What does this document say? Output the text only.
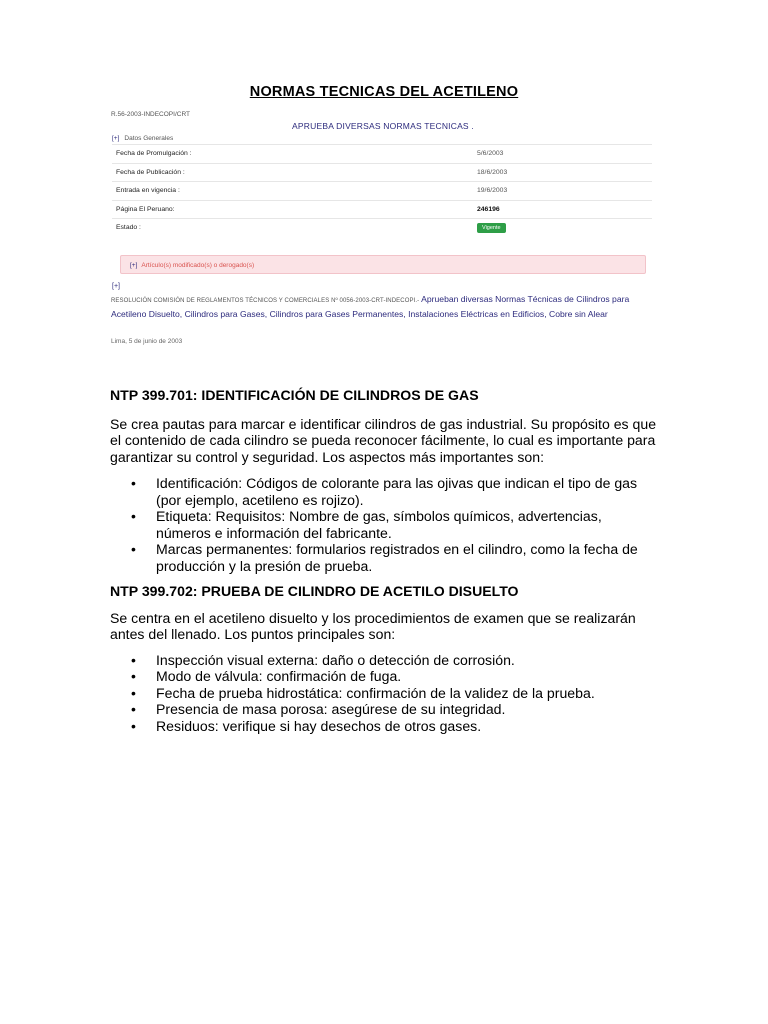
NORMAS TECNICAS DEL ACETILENO
R.56-2003-INDECOPI/CRT
APRUEBA DIVERSAS NORMAS TECNICAS .
[+] Datos Generales
Fecha de Promulgación :	5/6/2003
Fecha de Publicación :	18/6/2003
Entrada en vigencia :	19/6/2003
Página El Peruano:	246196
Estado :	Vigente
[+] Artículo(s) modificado(s) o derogado(s)
[+]
RESOLUCIÓN COMISIÓN DE REGLAMENTOS TÉCNICOS Y COMERCIALES Nº 0056-2003-CRT-INDECOPI.- Aprueban diversas Normas Técnicas de Cilindros para Acetileno Disuelto, Cilindros para Gases, Cilindros para Gases Permanentes, Instalaciones Eléctricas en Edificios, Cobre sin Alear
Lima, 5 de junio de 2003

NTP 399.701: IDENTIFICACIÓN DE CILINDROS DE GAS

Se crea pautas para marcar e identificar cilindros de gas industrial. Su propósito es que el contenido de cada cilindro se pueda reconocer fácilmente, lo cual es importante para garantizar su control y seguridad. Los aspectos más importantes son:

• Identificación: Códigos de colorante para las ojivas que indican el tipo de gas (por ejemplo, acetileno es rojizo).
• Etiqueta: Requisitos: Nombre de gas, símbolos químicos, advertencias, números e información del fabricante.
• Marcas permanentes: formularios registrados en el cilindro, como la fecha de producción y la presión de prueba.

NTP 399.702: PRUEBA DE CILINDRO DE ACETILO DISUELTO

Se centra en el acetileno disuelto y los procedimientos de examen que se realizarán antes del llenado. Los puntos principales son:

• Inspección visual externa: daño o detección de corrosión.
• Modo de válvula: confirmación de fuga.
• Fecha de prueba hidrostática: confirmación de la validez de la prueba.
• Presencia de masa porosa: asegúrese de su integridad.
• Residuos: verifique si hay desechos de otros gases.
